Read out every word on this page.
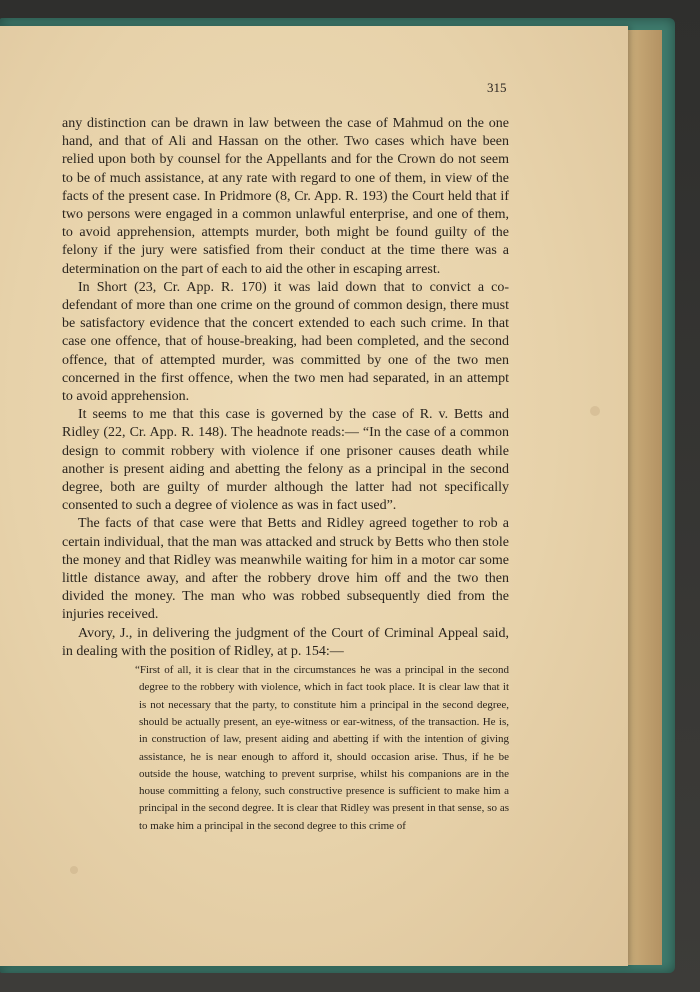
315

any distinction can be drawn in law between the case of Mahmud on the one hand, and that of Ali and Hassan on the other. Two cases which have been relied upon both by counsel for the Appellants and for the Crown do not seem to be of much assistance, at any rate with regard to one of them, in view of the facts of the present case. In Pridmore (8, Cr. App. R. 193) the Court held that if two persons were engaged in a common unlawful enterprise, and one of them, to avoid apprehension, attempts murder, both might be found guilty of the felony if the jury were satisfied from their conduct at the time there was a determination on the part of each to aid the other in escaping arrest.

In Short (23, Cr. App. R. 170) it was laid down that to convict a co-defendant of more than one crime on the ground of common design, there must be satisfactory evidence that the concert extended to each such crime. In that case one offence, that of house-breaking, had been completed, and the second offence, that of attempted murder, was committed by one of the two men concerned in the first offence, when the two men had separated, in an attempt to avoid apprehension.

It seems to me that this case is governed by the case of R. v. Betts and Ridley (22, Cr. App. R. 148). The headnote reads:— “In the case of a common design to commit robbery with violence if one prisoner causes death while another is present aiding and abetting the felony as a principal in the second degree, both are guilty of murder although the latter had not specifically consented to such a degree of violence as was in fact used”.

The facts of that case were that Betts and Ridley agreed together to rob a certain individual, that the man was attacked and struck by Betts who then stole the money and that Ridley was meanwhile waiting for him in a motor car some little distance away, and after the robbery drove him off and the two then divided the money. The man who was robbed subsequently died from the injuries received.

Avory, J., in delivering the judgment of the Court of Criminal Appeal said, in dealing with the position of Ridley, at p. 154:—

“First of all, it is clear that in the circumstances he was a principal in the second degree to the robbery with violence, which in fact took place. It is clear law that it is not necessary that the party, to constitute him a principal in the second degree, should be actually present, an eye-witness or ear-witness, of the transaction. He is, in construction of law, present aiding and abetting if with the intention of giving assistance, he is near enough to afford it, should occasion arise. Thus, if he be outside the house, watching to prevent surprise, whilst his companions are in the house committing a felony, such constructive presence is sufficient to make him a principal in the second degree. It is clear that Ridley was present in that sense, so as to make him a principal in the second degree to this crime of
